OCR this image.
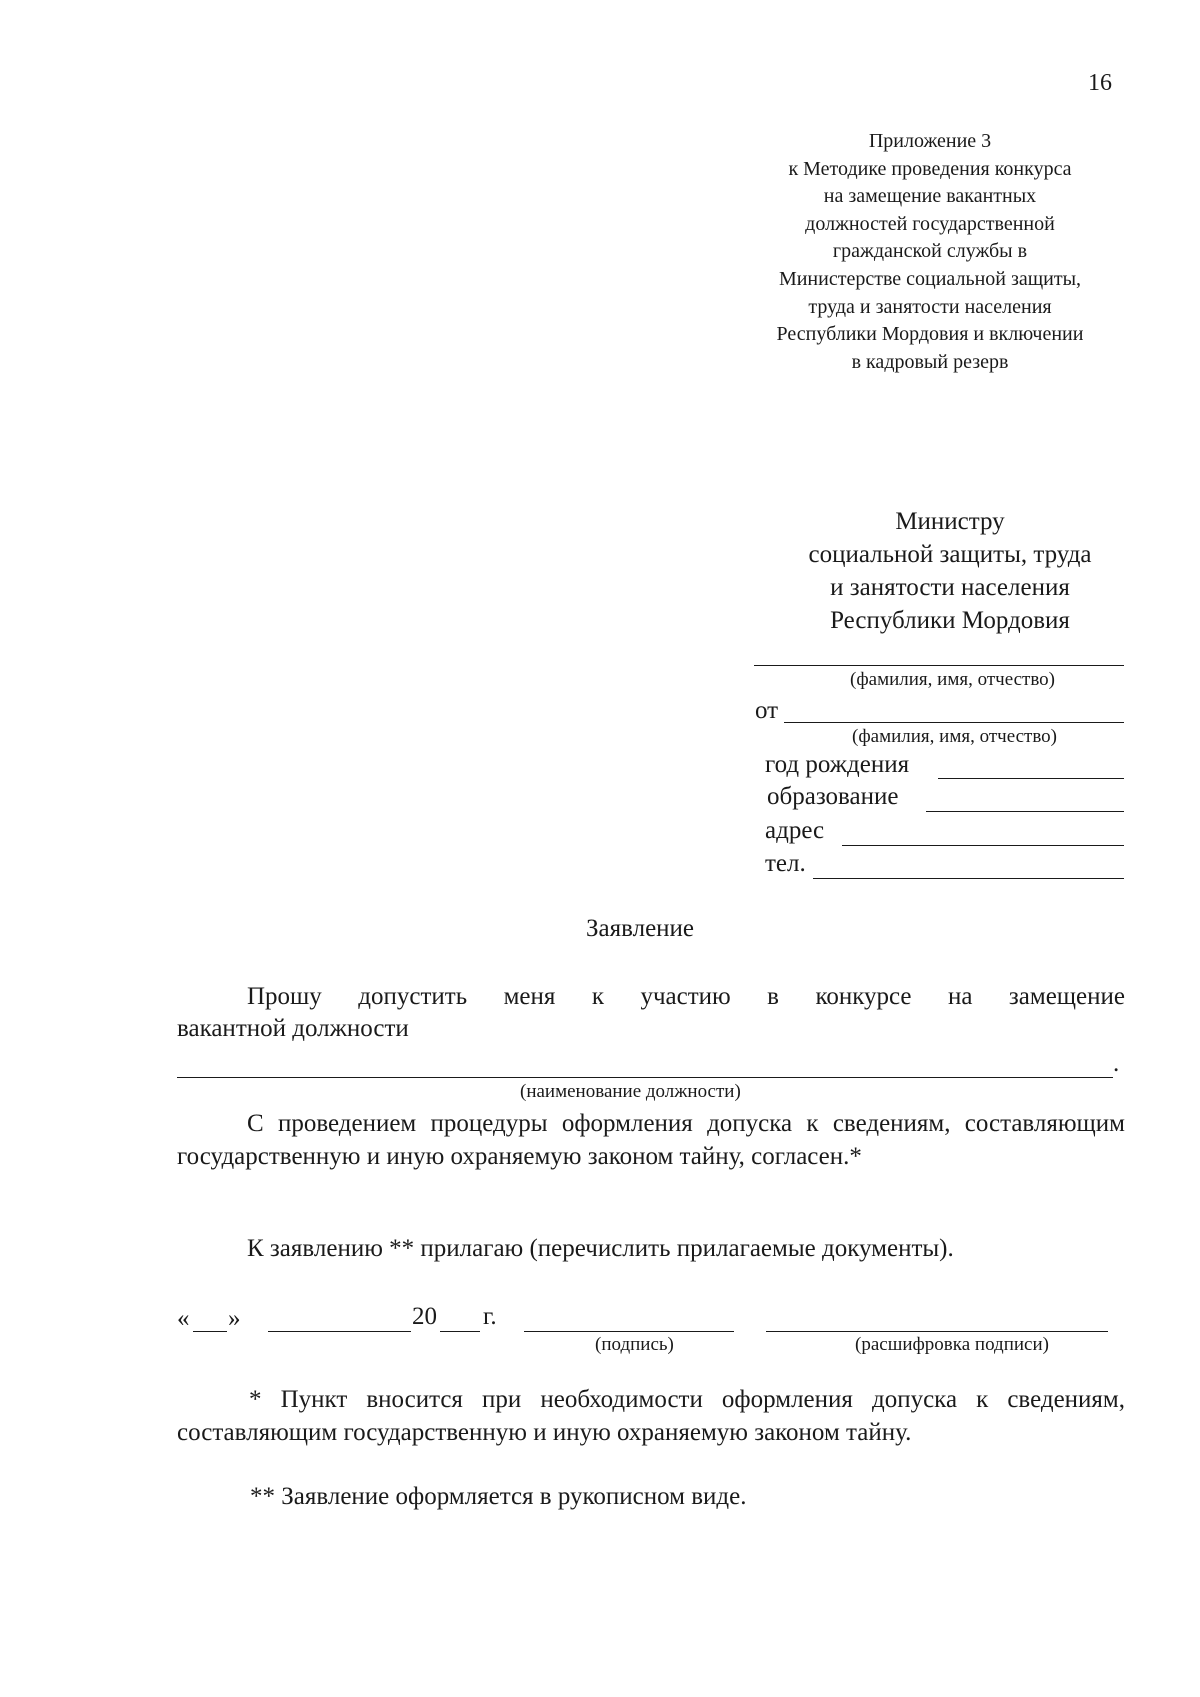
16
Приложение 3
к Методике проведения конкурса
на замещение вакантных
должностей государственной
гражданской службы в
Министерстве социальной защиты,
труда и занятости населения
Республики Мордовия и включении
в кадровый резерв
Министру
социальной защиты, труда
и занятости населения
Республики Мордовия
(фамилия, имя, отчество)
от
(фамилия, имя, отчество)
год рождения
образование
адрес
тел.
Заявление
Прошу допустить меня к участию в конкурсе на замещение
вакантной должности
.
(наименование должности)
С проведением процедуры оформления допуска к сведениям, составляющим государственную и иную охраняемую законом тайну, согласен.*
К заявлению ** прилагаю (перечислить прилагаемые документы).
« »	20 г.
(подпись)	(расшифровка подписи)
* Пункт вносится при необходимости оформления допуска к сведениям, составляющим государственную и иную охраняемую законом тайну.
** Заявление оформляется в рукописном виде.
